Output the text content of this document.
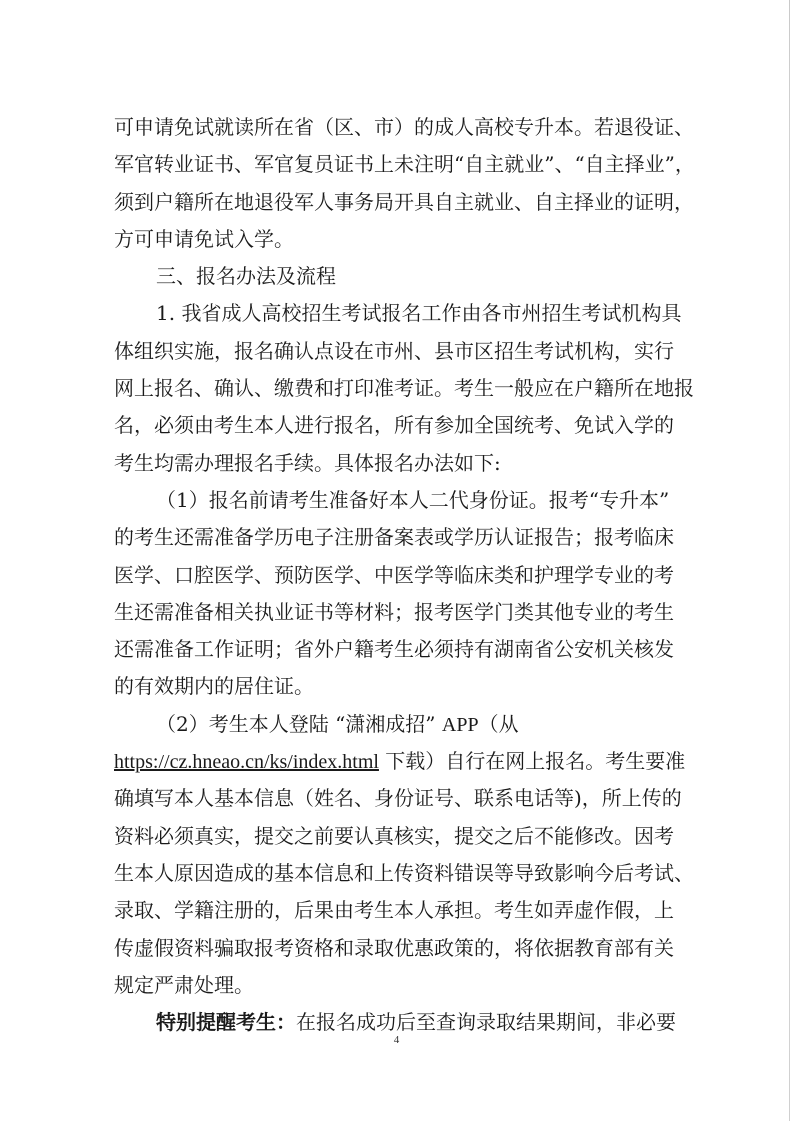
可申请免试就读所在省（区、市）的成人高校专升本。若退役证、
军官转业证书、军官复员证书上未注明“自主就业”、“自主择业”，
须到户籍所在地退役军人事务局开具自主就业、自主择业的证明，
方可申请免试入学。
三、报名办法及流程
1. 我省成人高校招生考试报名工作由各市州招生考试机构具
体组织实施，报名确认点设在市州、县市区招生考试机构，实行
网上报名、确认、缴费和打印准考证。考生一般应在户籍所在地报
名，必须由考生本人进行报名，所有参加全国统考、免试入学的
考生均需办理报名手续。具体报名办法如下:
（1）报名前请考生准备好本人二代身份证。报考“专升本”
的考生还需准备学历电子注册备案表或学历认证报告；报考临床
医学、口腔医学、预防医学、中医学等临床类和护理学专业的考
生还需准备相关执业证书等材料；报考医学门类其他专业的考生
还需准备工作证明；省外户籍考生必须持有湖南省公安机关核发
的有效期内的居住证。
（2）考生本人登陆 “潇湘成招” APP（从
https://cz.hneao.cn/ks/index.html 下载）自行在网上报名。考生要准
确填写本人基本信息（姓名、身份证号、联系电话等)，所上传的
资料必须真实，提交之前要认真核实，提交之后不能修改。因考
生本人原因造成的基本信息和上传资料错误等导致影响今后考试、
录取、学籍注册的，后果由考生本人承担。考生如弄虚作假，上
传虚假资料骗取报考资格和录取优惠政策的，将依据教育部有关
规定严肃处理。
特别提醒考生：在报名成功后至查询录取结果期间，非必要
4
